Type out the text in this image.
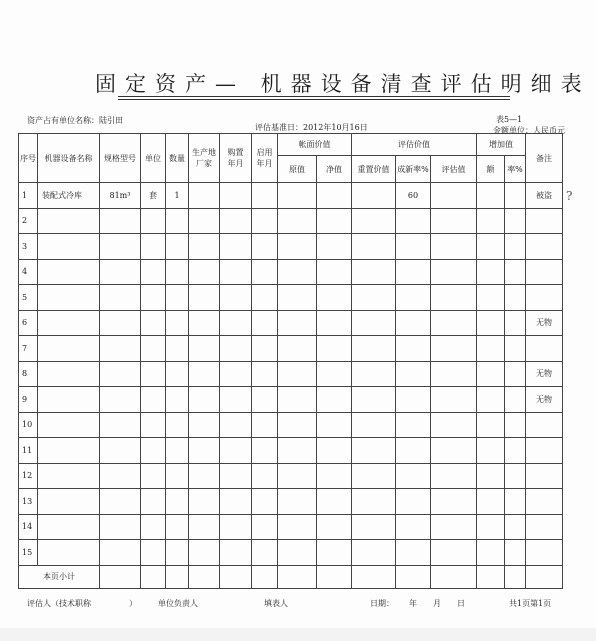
固定资产— 机器设备清查评估明细表
资产占有单位名称：陆引田
评估基准日：2012年10月16日
表5—1
金额单位：人民币元
序号	机器设备名称	规格型号	单位	数量	生产地厂家	购置年月	启用年月	帐面价值		评估价值			增加值		备注

								原值	净值	重置价值	成新率%	评估值	额	率%	
1	装配式冷库	81m³	套	1							60				被盗
2															
3															
4															
5															
6															无物
7															
8															无物
9															无物
10															
11															
12															
13															
14															
15															
本页小计															
?
评估人（技术职称	）	单位负责人	填表人	日期： 年 月 日	共1页第1页
